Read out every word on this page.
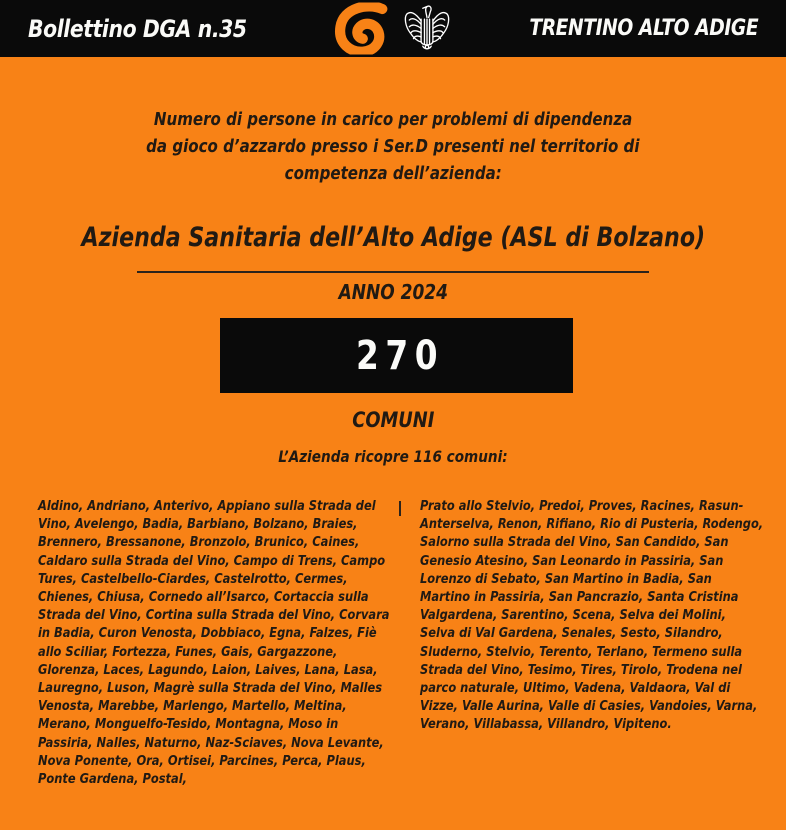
Bollettino DGA n.35	TRENTINO ALTO ADIGE
Numero di persone in carico per problemi di dipendenza
da gioco d’azzardo presso i Ser.D presenti nel territorio di
competenza dell’azienda:
Azienda Sanitaria dell’Alto Adige (ASL di Bolzano)
ANNO 2024
270
COMUNI
L’Azienda ricopre 116 comuni:
Aldino, Andriano, Anterivo, Appiano sulla Strada del Vino, Avelengo, Badia, Barbiano, Bolzano, Braies, Brennero, Bressanone, Bronzolo, Brunico, Caines, Caldaro sulla Strada del Vino, Campo di Trens, Campo Tures, Castelbello-Ciardes, Castelrotto, Cermes, Chienes, Chiusa, Cornedo all’Isarco, Cortaccia sulla Strada del Vino, Cortina sulla Strada del Vino, Corvara in Badia, Curon Venosta, Dobbiaco, Egna, Falzes, Fiè allo Sciliar, Fortezza, Funes, Gais, Gargazzone, Glorenza, Laces, Lagundo, Laion, Laives, Lana, Lasa, Lauregno, Luson, Magrè sulla Strada del Vino, Malles Venosta, Marebbe, Marlengo, Martello, Meltina, Merano, Monguelfo-Tesido, Montagna, Moso in Passiria, Nalles, Naturno, Naz-Sciaves, Nova Levante, Nova Ponente, Ora, Ortisei, Parcines, Perca, Plaus, Ponte Gardena, Postal,
Prato allo Stelvio, Predoi, Proves, Racines, Rasun-Anterselva, Renon, Rifiano, Rio di Pusteria, Rodengo, Salorno sulla Strada del Vino, San Candido, San Genesio Atesino, San Leonardo in Passiria, San Lorenzo di Sebato, San Martino in Badia, San Martino in Passiria, San Pancrazio, Santa Cristina Valgardena, Sarentino, Scena, Selva dei Molini, Selva di Val Gardena, Senales, Sesto, Silandro, Sluderno, Stelvio, Terento, Terlano, Termeno sulla Strada del Vino, Tesimo, Tires, Tirolo, Trodena nel parco naturale, Ultimo, Vadena, Valdaora, Val di Vizze, Valle Aurina, Valle di Casies, Vandoies, Varna, Verano, Villabassa, Villandro, Vipiteno.
